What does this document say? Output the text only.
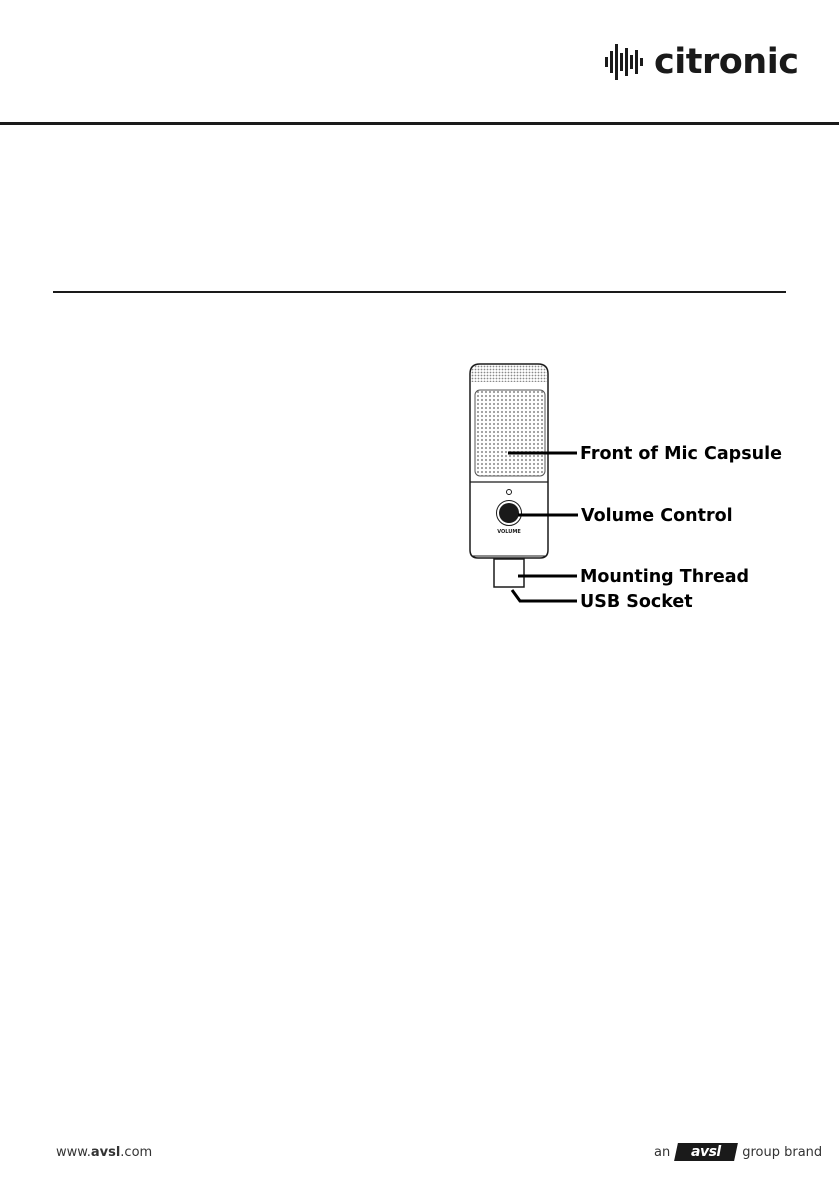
citronic
VOLUME
Front of Mic Capsule
Volume Control
Mounting Thread
USB Socket
www.avsl.com	an avsl group brand
